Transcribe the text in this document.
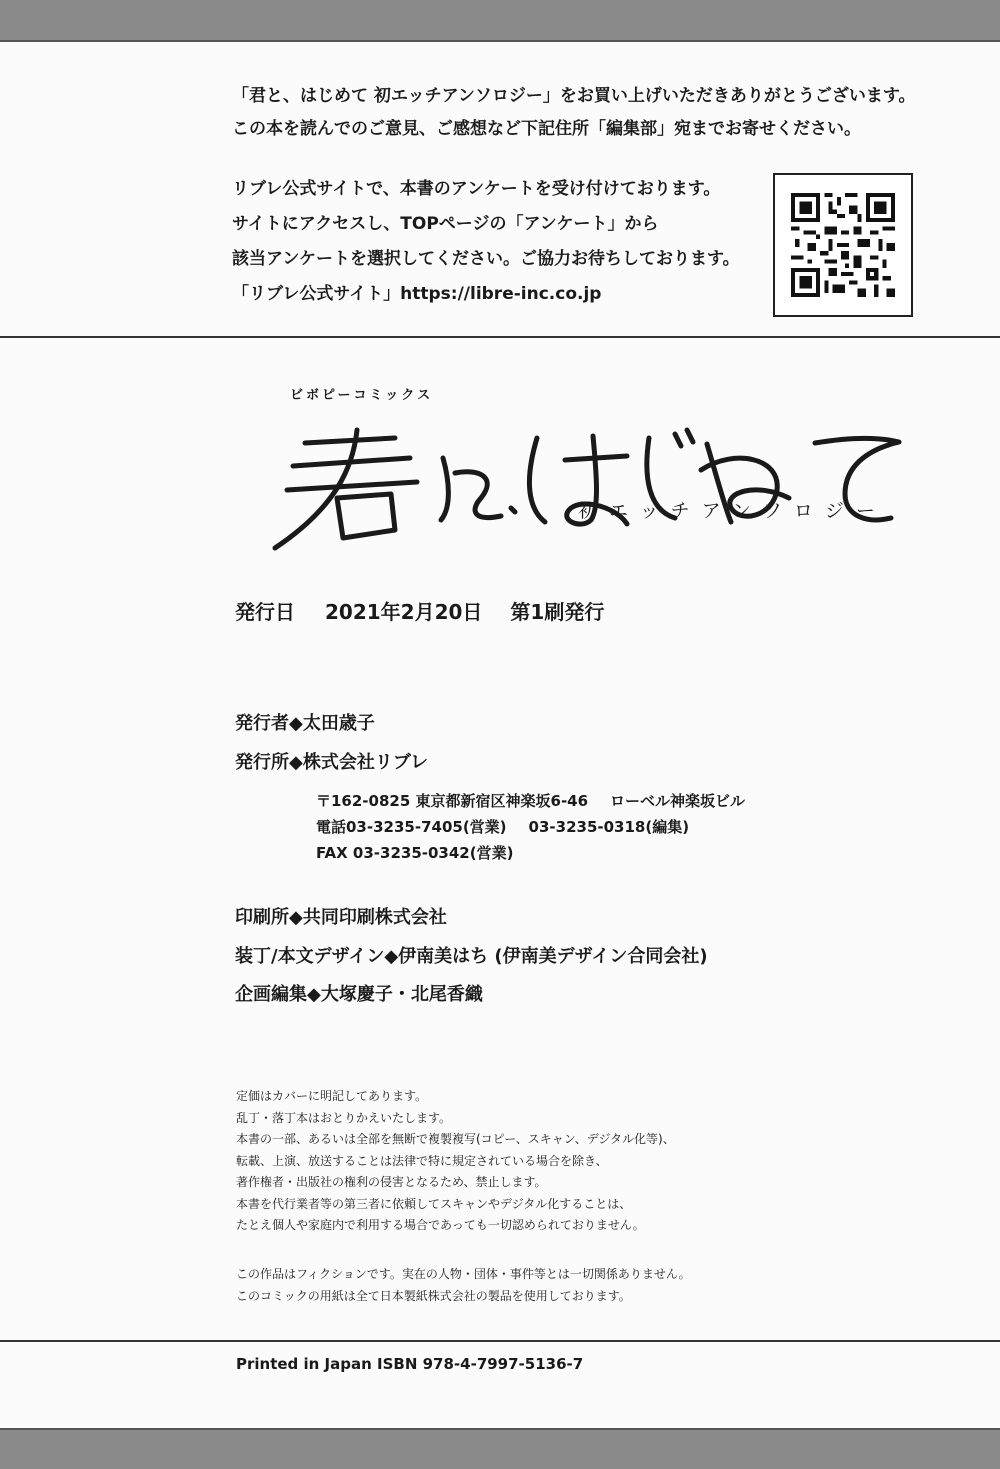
「君と、はじめて 初エッチアンソロジー」をお買い上げいただきありがとうございます。
この本を読んでのご意見、ご感想など下記住所「編集部」宛までお寄せください。
リブレ公式サイトで、本書のアンケートを受け付けております。
サイトにアクセスし、TOPページの「アンケート」から
該当アンケートを選択してください。ご協力お待ちしております。
「リブレ公式サイト」https://libre-inc.co.jp
ビボピーコミックス
初エッチアンソロジー
発行日 2021年2月20日 第1刷発行
発行者◆太田歳子
発行所◆株式会社リブレ
〒162-0825 東京都新宿区神楽坂6-46 ローベル神楽坂ビル
電話03-3235-7405(営業) 03-3235-0318(編集)
FAX 03-3235-0342(営業)
印刷所◆共同印刷株式会社
装丁/本文デザイン◆伊南美はち (伊南美デザイン合同会社)
企画編集◆大塚慶子・北尾香織
定価はカバーに明記してあります。
乱丁・落丁本はおとりかえいたします。
本書の一部、あるいは全部を無断で複製複写(コピー、スキャン、デジタル化等)、
転載、上演、放送することは法律で特に規定されている場合を除き、
著作権者・出版社の権利の侵害となるため、禁止します。
本書を代行業者等の第三者に依頼してスキャンやデジタル化することは、
たとえ個人や家庭内で利用する場合であっても一切認められておりません。
この作品はフィクションです。実在の人物・団体・事件等とは一切関係ありません。
このコミックの用紙は全て日本製紙株式会社の製品を使用しております。
Printed in Japan ISBN 978-4-7997-5136-7
